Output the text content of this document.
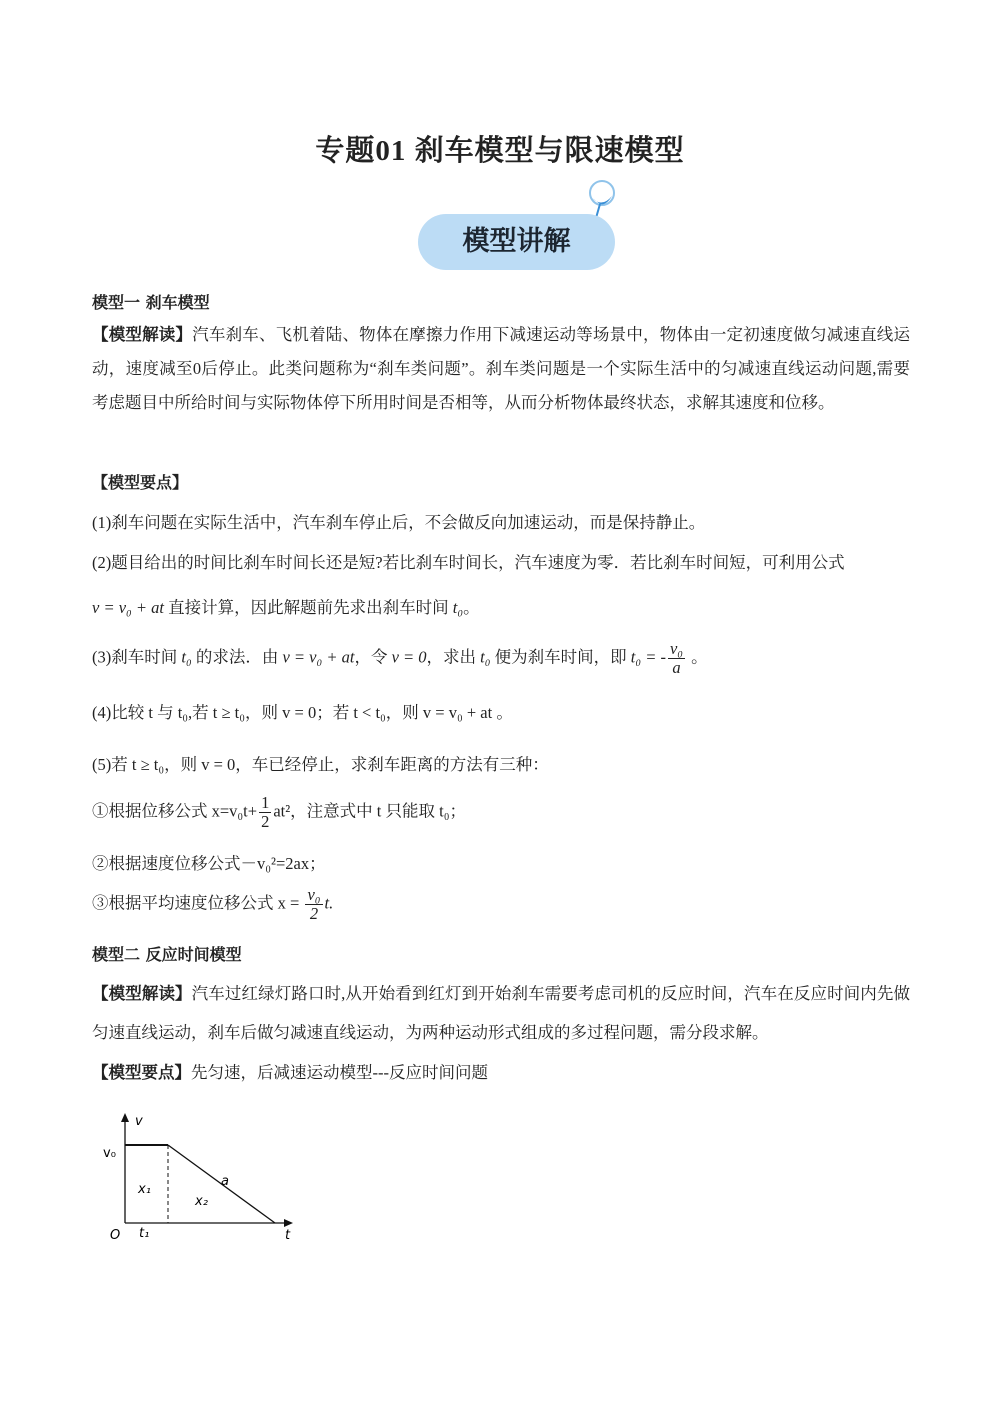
专题01 刹车模型与限速模型
模型讲解
模型一 刹车模型
【模型解读】汽车刹车、飞机着陆、物体在摩擦力作用下减速运动等场景中，物体由一定初速度做匀减速直线运动，速度减至0后停止。此类问题称为“刹车类问题”。刹车类问题是一个实际生活中的匀减速直线运动问题,需要考虑题目中所给时间与实际物体停下所用时间是否相等，从而分析物体最终状态，求解其速度和位移。
【模型要点】
(1)刹车问题在实际生活中，汽车刹车停止后，不会做反向加速运动，而是保持静止。
(2)题目给出的时间比刹车时间长还是短?若比刹车时间长，汽车速度为零．若比刹车时间短，可利用公式
v = v₀ + at 直接计算，因此解题前先求出刹车时间 t₀。
(3)刹车时间 t₀ 的求法．由 v = v₀ + at，令 v = 0，求出 t₀ 便为刹车时间，即 t₀ = - $\frac{\text{v₀}}{a}$ 。
(4)比较 t 与 t₀,若 t ≥ t₀，则 v = 0；若 t < t₀，则 v = v₀ + at 。
(5)若 t ≥ t₀，则 v = 0，车已经停止，求刹车距离的方法有三种：
①根据位移公式 $x=v_0t+ \frac{1}{2} at^2$，注意式中 t 只能取 t₀；
②根据速度位移公式－v₀²=2ax；
③根据平均速度位移公式 $x = \frac{\text{v₀}}{2} t$.
模型二 反应时间模型
【模型解读】汽车过红绿灯路口时,从开始看到红灯到开始刹车需要考虑司机的反应时间，汽车在反应时间内先做匀速直线运动，刹车后做匀减速直线运动，为两种运动形式组成的多过程问题，需分段求解。
【模型要点】先匀速，后减速运动模型---反应时间问题
v
t
O
v₀
t₁
x₁
x₂
a
